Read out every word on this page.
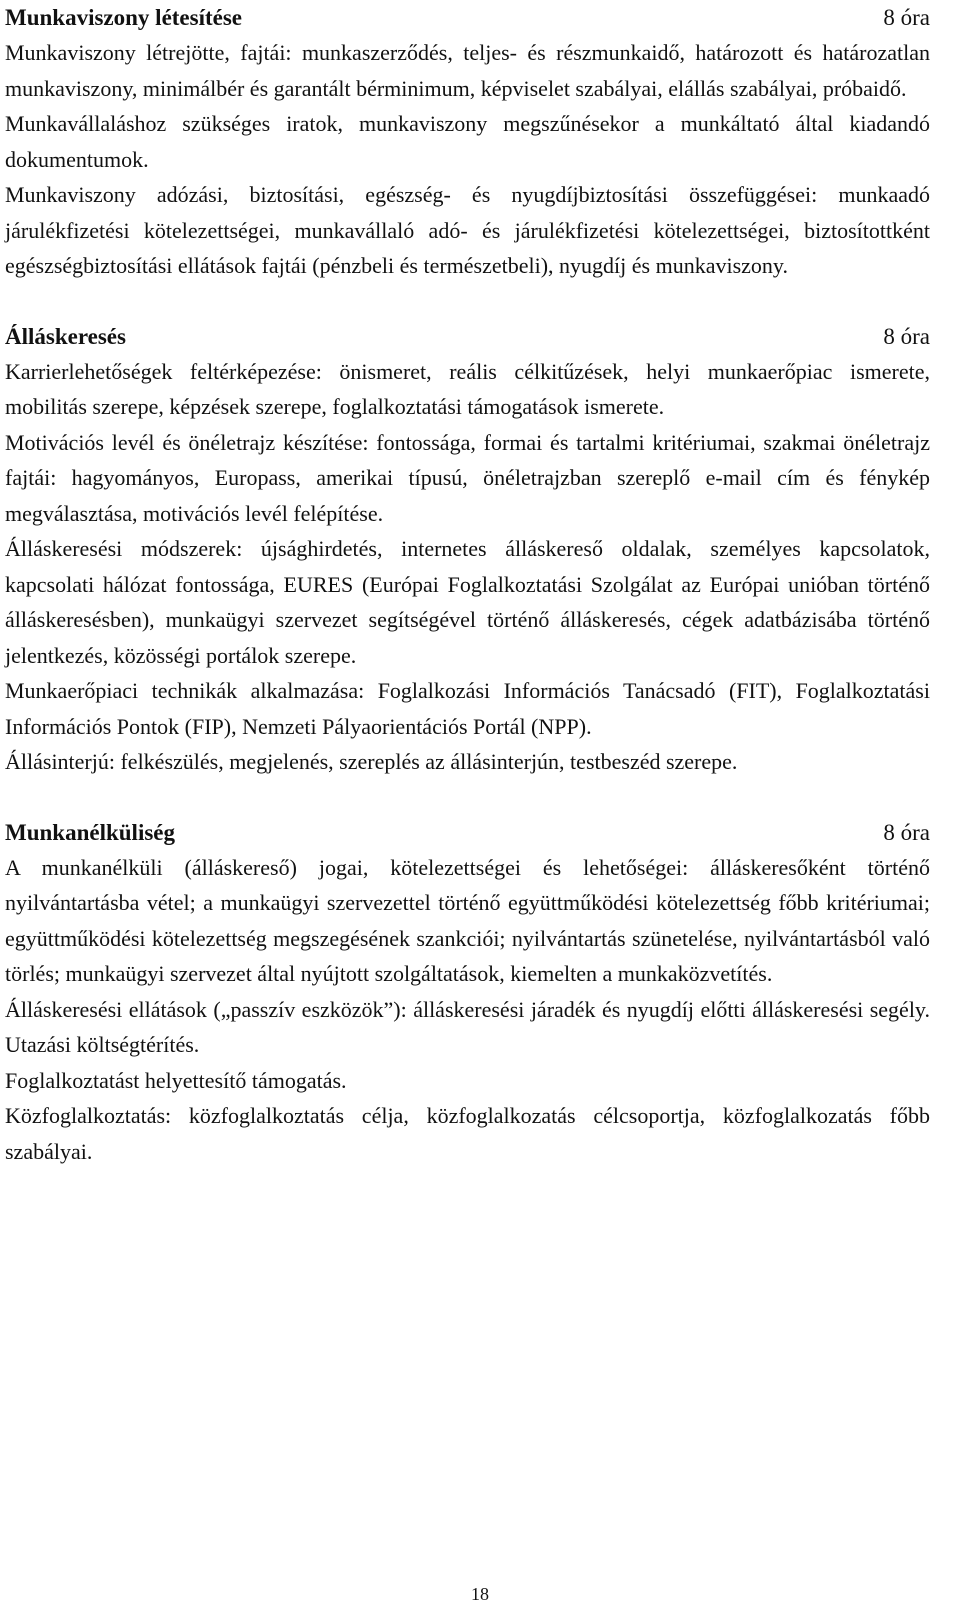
Munkaviszony létesítése	8 óra

Munkaviszony létrejötte, fajtái: munkaszerződés, teljes- és részmunkaidő, határozott és határozatlan munkaviszony, minimálbér és garantált bérminimum, képviselet szabályai, elállás szabályai, próbaidő.

Munkavállaláshoz szükséges iratok, munkaviszony megszűnésekor a munkáltató által kiadandó dokumentumok.

Munkaviszony adózási, biztosítási, egészség- és nyugdíjbiztosítási összefüggései: munkaadó járulékfizetési kötelezettségei, munkavállaló adó- és járulékfizetési kötelezettségei, biztosítottként egészségbiztosítási ellátások fajtái (pénzbeli és természetbeli), nyugdíj és munkaviszony.

Álláskeresés	8 óra

Karrierlehetőségek feltérképezése: önismeret, reális célkitűzések, helyi munkaerőpiac ismerete, mobilitás szerepe, képzések szerepe, foglalkoztatási támogatások ismerete.

Motivációs levél és önéletrajz készítése: fontossága, formai és tartalmi kritériumai, szakmai önéletrajz fajtái: hagyományos, Europass, amerikai típusú, önéletrajzban szereplő e-mail cím és fénykép megválasztása, motivációs levél felépítése.

Álláskeresési módszerek: újsághirdetés, internetes álláskereső oldalak, személyes kapcsolatok, kapcsolati hálózat fontossága, EURES (Európai Foglalkoztatási Szolgálat az Európai unióban történő álláskeresésben), munkaügyi szervezet segítségével történő álláskeresés, cégek adatbázisába történő jelentkezés, közösségi portálok szerepe.

Munkaerőpiaci technikák alkalmazása: Foglalkozási Információs Tanácsadó (FIT), Foglalkoztatási Információs Pontok (FIP), Nemzeti Pályaorientációs Portál (NPP).

Állásinterjú: felkészülés, megjelenés, szereplés az állásinterjún, testbeszéd szerepe.

Munkanélküliség	8 óra

A munkanélküli (álláskereső) jogai, kötelezettségei és lehetőségei: álláskeresőként történő nyilvántartásba vétel; a munkaügyi szervezettel történő együttműködési kötelezettség főbb kritériumai; együttműködési kötelezettség megszegésének szankciói; nyilvántartás szünetelése, nyilvántartásból való törlés; munkaügyi szervezet által nyújtott szolgáltatások, kiemelten a munkaközvetítés.

Álláskeresési ellátások („passzív eszközök”): álláskeresési járadék és nyugdíj előtti álláskeresési segély. Utazási költségtérítés.

Foglalkoztatást helyettesítő támogatás.

Közfoglalkoztatás: közfoglalkoztatás célja, közfoglalkozatás célcsoportja, közfoglalkozatás főbb szabályai.

18
